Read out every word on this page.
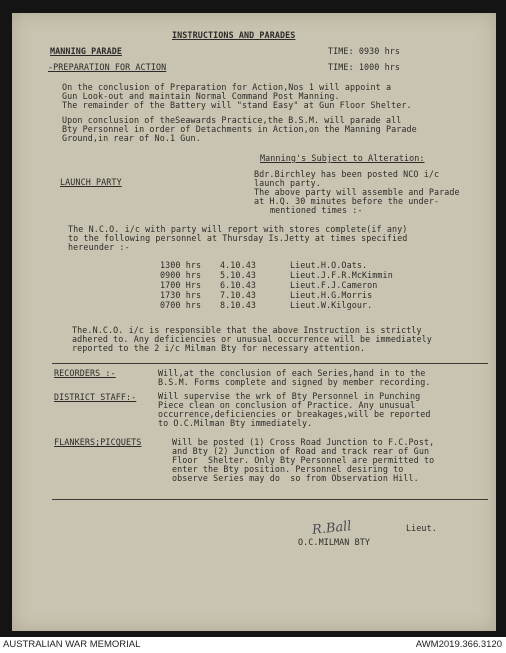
INSTRUCTIONS AND PARADES
MANNING PARADE	TIME: 0930 hrs
-PREPARATION FOR ACTION	TIME: 1000 hrs
On the conclusion of Preparation for Action,Nos 1 will appoint a
Gun Look-out and maintain Normal Command Post Manning.
The remainder of the Battery will "stand Easy" at Gun Floor Shelter.
Upon conclusion of theSeawards Practice,the B.S.M. will parade all
Bty Personnel in order of Detachments in Action,on the Manning Parade
Ground,in rear of No.1 Gun.
Manning's Subject to Alteration:
LAUNCH PARTY
Bdr.Birchley has been posted NCO i/c
launch party.
The above party will assemble and Parade
at H.Q. 30 minutes before the under-
mentioned times :-
The N.C.O. i/c with party will report with stores complete(if any)
to the following personnel at Thursday Is.Jetty at times specified
hereunder :-
1300 hrs 4.10.43	Lieut.H.O.Oats.
0900 hrs 5.10.43	Lieut.J.F.R.McKimmin
1700 Hrs 6.10.43	Lieut.F.J.Cameron
1730 hrs 7.10.43	Lieut.H.G.Morris
0700 hrs 8.10.43	Lieut.W.Kilgour.
The.N.C.O. i/c is responsible that the above Instruction is strictly
adhered to. Any deficiencies or unusual occurrence will be immediately
reported to the 2 i/c Milman Bty for necessary attention.
RECORDERS :-	Will,at the conclusion of each Series,hand in to the
B.S.M. Forms complete and signed by member recording.
DISTRICT STAFF:-	Will supervise the wrk of Bty Personnel in Punching
Piece clean on conclusion of Practice. Any unusual
occurrence,deficiencies or breakages,will be reported
to O.C.Milman Bty immediately.
FLANKERS;PICQUETS	Will be posted (1) Cross Road Junction to F.C.Post,
and Bty (2) Junction of Road and track rear of Gun
Floor  Shelter. Only Bty Personnel are permitted to
enter the Bty position. Personnel desiring to
observe Series may do  so from Observation Hill.
R.Ball	Lieut.
O.C.MILMAN BTY
AUSTRALIAN WAR MEMORIAL	AWM2019.366.3120
